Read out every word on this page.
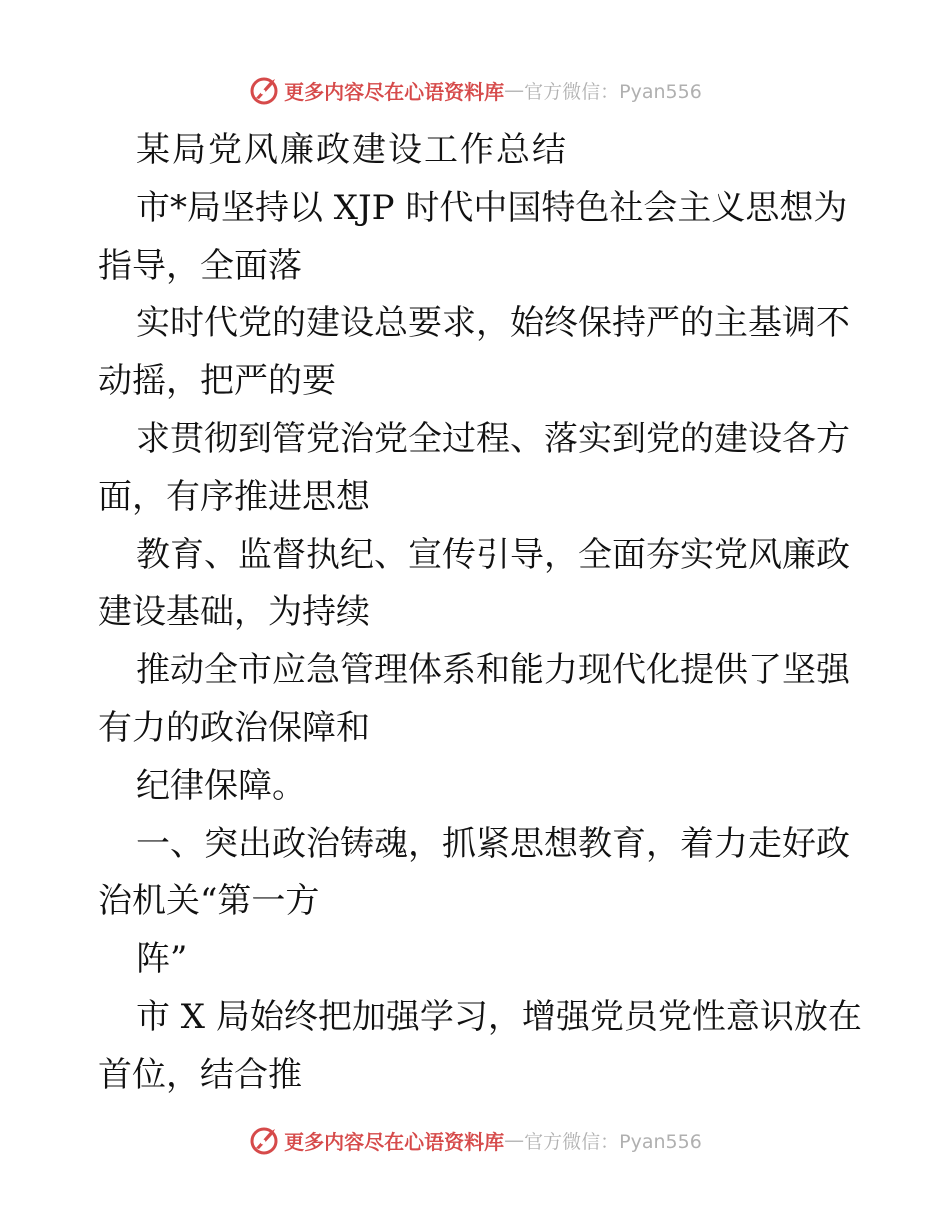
更多内容尽在心语资料库 — 官方微信：Pyan556
某局党风廉政建设工作总结
市*局坚持以 XJP 时代中国特色社会主义思想为
指导，全面落
实时代党的建设总要求，始终保持严的主基调不
动摇，把严的要
求贯彻到管党治党全过程、落实到党的建设各方
面，有序推进思想
教育、监督执纪、宣传引导，全面夯实党风廉政
建设基础，为持续
推动全市应急管理体系和能力现代化提供了坚强
有力的政治保障和
纪律保障。
一、突出政治铸魂，抓紧思想教育，着力走好政
治机关“第一方
阵”
市 X 局始终把加强学习，增强党员党性意识放在
首位，结合推
更多内容尽在心语资料库 — 官方微信：Pyan556
